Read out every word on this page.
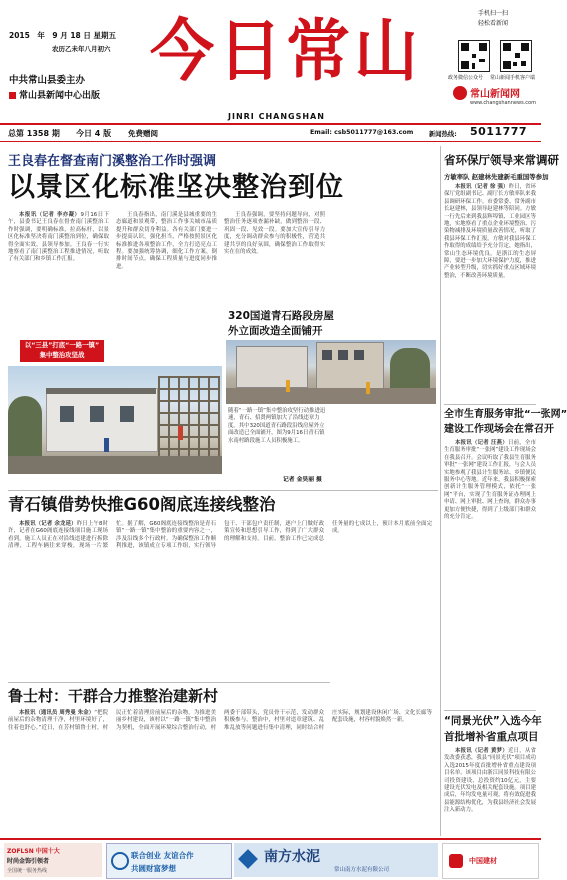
2015　年　9 月 18 日 星期五
农历乙未年八月初六
中共常山县委主办
常山县新闻中心出版
今日常山	手机扫一扫
轻松看新闻
政务微信公众号 常山新闻手机客户端
常山新闻网
www.changshannews.com
JINRI CHANGSHAN
总第 1358 期 今日 4 版 免费赠阅	Email: csb5011777@163.com	新闻热线: 5011777
王良春在督查南门溪整治工作时强调
以景区化标准坚决整治到位

本报讯（记者 李亦凝）9月16日下午，县委书记王良春在督查南门溪整治工作时强调，要明确标准，拉高标杆，以景区化标准坚决将南门溪整治到位，确保取得全面实效。县领导参加。王良春一行实地察看了南门溪整治工程推进情况，听取了有关部门和乡镇工作汇报。

王良春指出，南门溪是县城重要的生态廊道和景观带，整治工作事关城市品质提升和群众切身利益。各有关部门要进一步提高认识，强化担当，严格按照景区化标准推进各项整治工作，全力打造亮点工程。要加强统筹协调，细化工作方案，倒排时间节点，确保工程质量与进度同步推进。

王良春强调，要坚持问题导向，对照整治任务逐项查漏补缺，做到整治一段、巩固一段、见效一段。要加大宣传引导力度，充分调动群众参与的积极性，营造共建共享的良好氛围，确保整治工作取得实实在在的成效。

以“三县”打底“一路一镇”
集中整治攻坚战
320国道青石路段房屋
外立面改造全面铺开
随着“一路一镇”集中整治攻坚行动推进迅速，青石、招贤两镇加大了沿线违章力度。其中320国道青石路段沿线房屋外立面改造已全面铺开，图为9月16日青石镇水南村路段施工人员积极施工。
记者 金昊丽 摄
青石镇借势快推G60阁底连接线整治

本报讯（记者 余龙延）昨日上午8时许，记者在G60阁底连接线项目施工现场看到，施工人员正在对沿线违建进行拆除清理，工程车辆往来穿梭，现场一片繁忙。据了解，G60阁底连接线整治是青石镇“一路一镇”集中整治的重要内容之一，涉及沿线多个行政村。为确保整治工作顺利推进，该镇成立专项工作组，实行领导包干、干部包户责任制，逐户上门做好政策宣传和思想引导工作，得到了广大群众的理解和支持。目前，整治工作已完成总任务量的七成以上，预计本月底前全面完成。

鲁士村：干群合力推整治建新村

本报讯（通讯员 周秀曼 朱金）“把院前屋后的杂物清理干净，村里环境好了，住着也舒心。”近日，在芳村镇鲁士村，村民正忙着清理房前屋后的杂物。为推进美丽乡村建设，该村以“一路一镇”集中整治为契机，全面开展环境综合整治行动，村两委干部带头，党员骨干示范，发动群众积极参与。整治中，村里对违章建筑、乱堆乱放等问题进行集中清理，同时结合村庄实际，规划建设休闲广场、文化长廊等配套设施，村容村貌焕然一新。

省环保厅领导来常调研
方敏率队 赵建林先建新毛重国等参加

本报讯（记者 徐 强）昨日，省环保厅党组副书记、副厅长方敏率队来我县调研环保工作。市委常委、常务副市长赵建林，县领导赵建林等陪同。方敏一行先后来到我县辉埠镇、工业园区等地，实地察看了重点企业环境整治、污染物减排及环境质量改善情况，听取了我县环保工作汇报。方敏对我县环保工作取得的成绩给予充分肯定，她指出，常山生态环境优良，是浙江的生态屏障，要进一步加大环境保护力度，推进产业转型升级，切实抓好重点区域环境整治，不断改善环境质量。

全市生育服务审批“一张网”
建设工作现场会在常召开

本报讯（记者 汪燕）日前，全市生育服务审批“一张网”建设工作现场会在我县召开。会议听取了我县生育服务审批“一张网”建设工作汇报，与会人员实地参观了我县计生服务站、乡镇便民服务中心等地。近年来，我县积极探索创新计生服务管理模式，依托“一张网”平台，实现了生育服务证办理网上申请、网上审批、网上查询，群众办事更加方便快捷，得到了上级部门和群众的充分肯定。

“同景光伏”入选今年
首批增补省重点项目

本报讯（记者 黄梦）近日，从省发改委获悉，我县“同景光伏”项目成功入选2015年度首批增补省重点建设项目名单。该项目由浙江同景科技有限公司投资建设，总投资约10亿元，主要建设光伏发电及相关配套设施。项目建成后，年均发电量可观，将有效促进我县能源结构优化，为我县经济社会发展注入新动力。

ZOFLSN 中国十大
时尚金饰引领者
全国统一服务热线
联合创业 友谊合作
共圆财富梦想
南方水泥
常山南方水泥有限公司
中国建材
